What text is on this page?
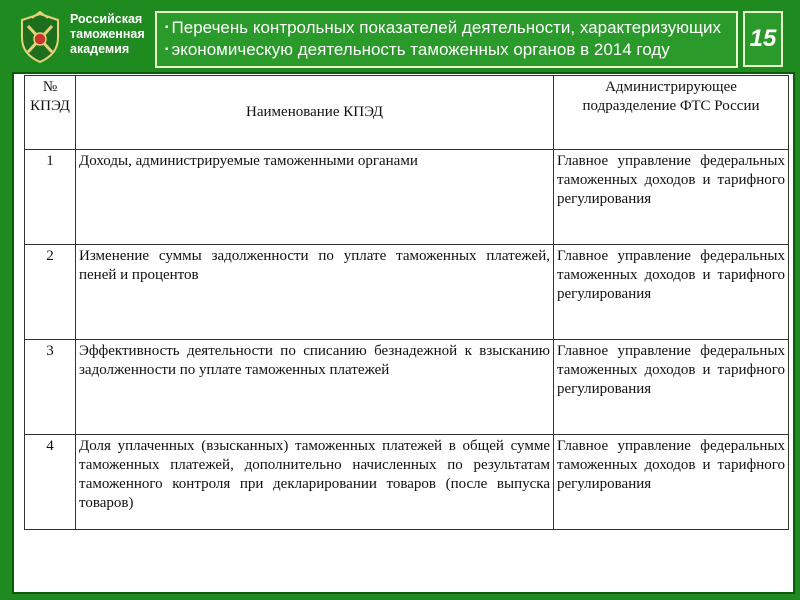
Российская
таможенная
академия
▪ Перечень контрольных показателей деятельности, характеризующих
▪ экономическую деятельность таможенных органов в 2014 году	15
№ КПЭД	Наименование КПЭД	Администрирующее подразделение ФТС России
1	Доходы, администрируемые таможенными органами	Главное управление федеральных таможенных доходов и тарифного регулирования
2	Изменение суммы задолженности по уплате таможенных платежей, пеней и процентов	Главное управление федеральных таможенных доходов и тарифного регулирования
3	Эффективность деятельности по списанию безнадежной к взысканию задолженности по уплате таможенных платежей	Главное управление федеральных таможенных доходов и тарифного регулирования
4	Доля уплаченных (взысканных) таможенных платежей в общей сумме таможенных платежей, дополнительно начисленных по результатам таможенного контроля при декларировании товаров (после выпуска товаров)	Главное управление федеральных таможенных доходов и тарифного регулирования
